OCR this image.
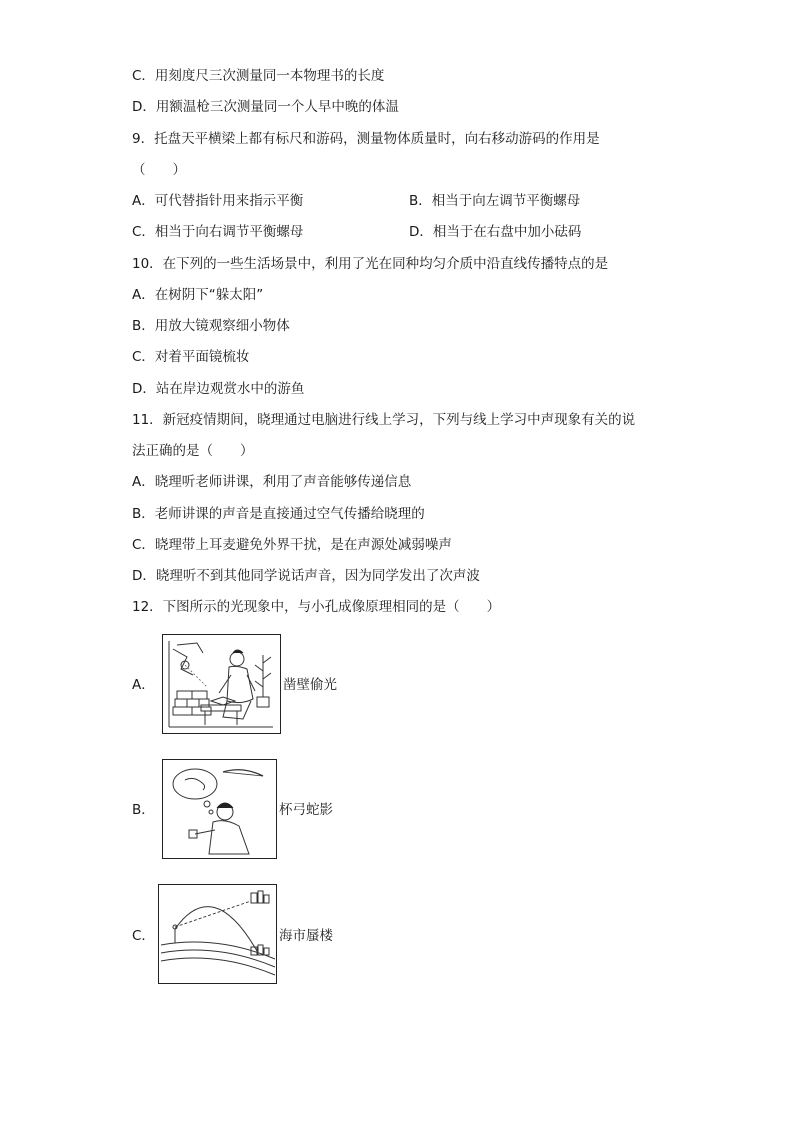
C．用刻度尺三次测量同一本物理书的长度
D．用额温枪三次测量同一个人早中晚的体温
9．托盘天平横梁上都有标尺和游码，测量物体质量时，向右移动游码的作用是
（　　）
A．可代替指针用来指示平衡	B．相当于向左调节平衡螺母
C．相当于向右调节平衡螺母	D．相当于在右盘中加小砝码
10．在下列的一些生活场景中，利用了光在同种均匀介质中沿直线传播特点的是
A．在树阴下“躲太阳”
B．用放大镜观察细小物体
C．对着平面镜梳妆
D．站在岸边观赏水中的游鱼
11．新冠疫情期间，晓理通过电脑进行线上学习，下列与线上学习中声现象有关的说
法正确的是（　　）
A．晓理听老师讲课，利用了声音能够传递信息
B．老师讲课的声音是直接通过空气传播给晓理的
C．晓理带上耳麦避免外界干扰，是在声源处减弱噪声
D．晓理听不到其他同学说话声音，因为同学发出了次声波
12．下图所示的光现象中，与小孔成像原理相同的是（　　）
A．	凿壁偷光
B．	杯弓蛇影
C．	海市蜃楼
